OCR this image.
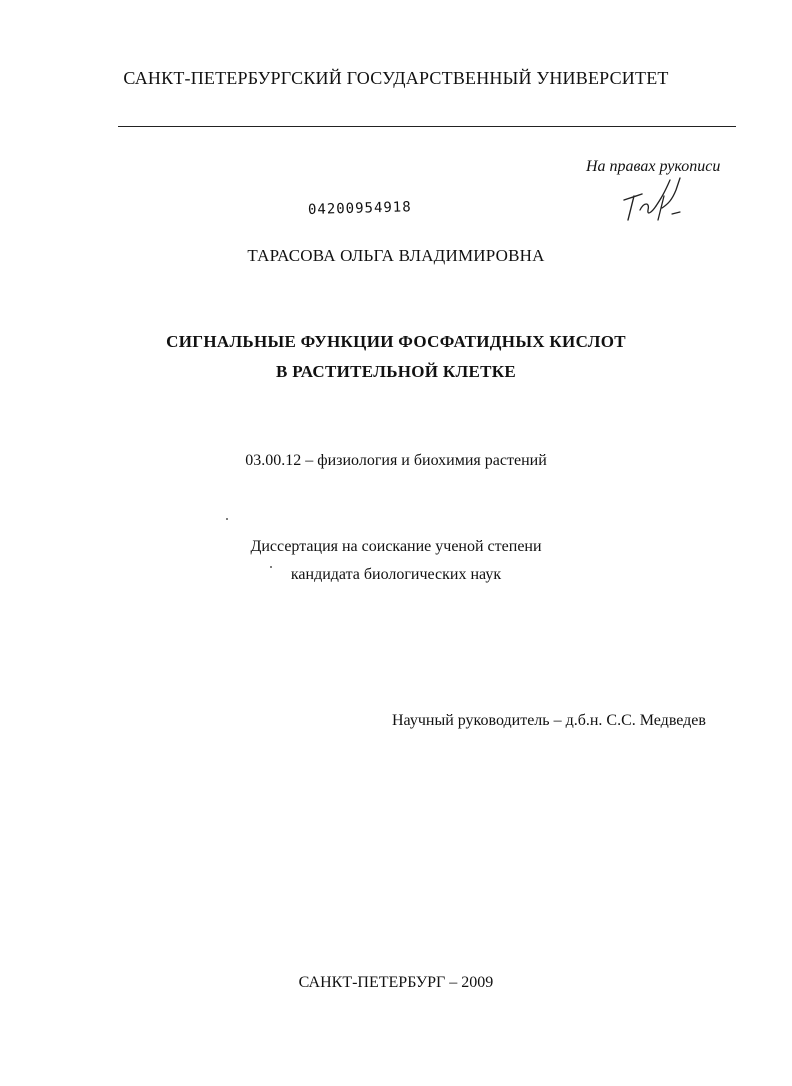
САНКТ-ПЕТЕРБУРГСКИЙ ГОСУДАРСТВЕННЫЙ УНИВЕРСИТЕТ
На правах рукописи
04200954918
ТАРАСОВА ОЛЬГА ВЛАДИМИРОВНА
СИГНАЛЬНЫЕ ФУНКЦИИ ФОСФАТИДНЫХ КИСЛОТ
В РАСТИТЕЛЬНОЙ КЛЕТКЕ
03.00.12 – физиология и биохимия растений
Диссертация на соискание ученой степени
кандидата биологических наук
Научный руководитель – д.б.н. С.С. Медведев
САНКТ-ПЕТЕРБУРГ – 2009
